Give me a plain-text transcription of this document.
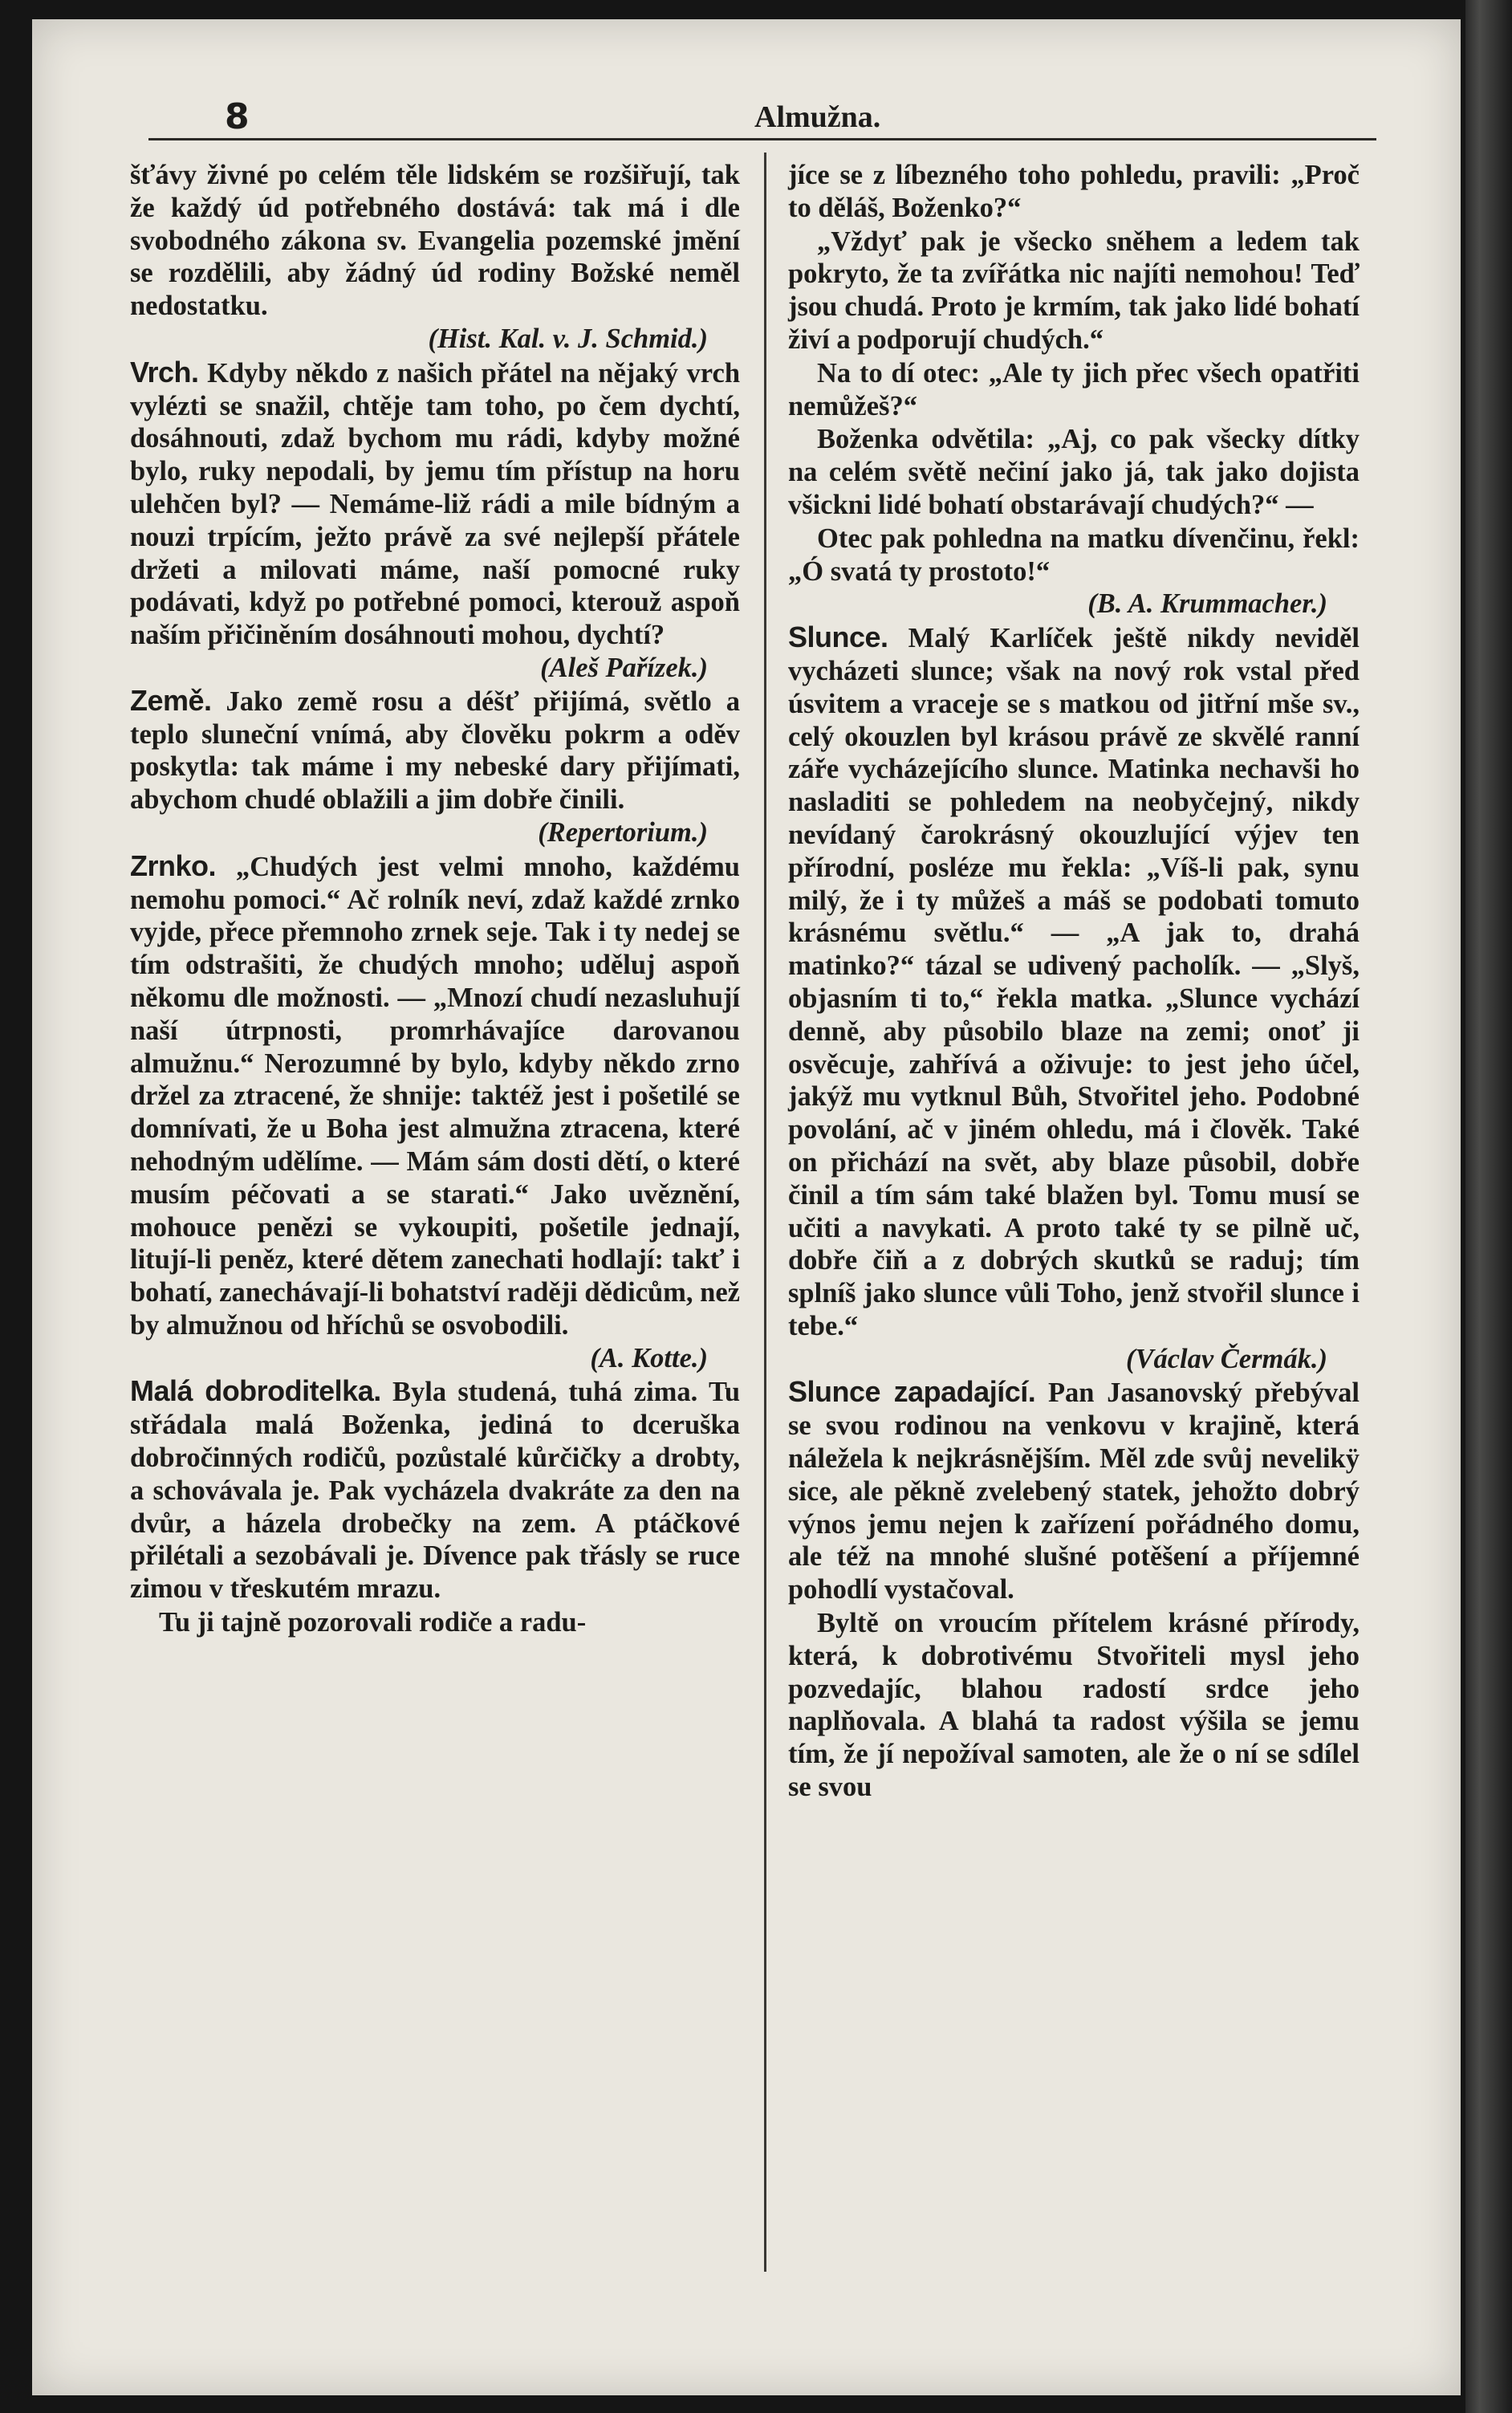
8	Almužna.

šťávy živné po celém těle lidském se rozšiřují, tak že každý úd potřebného dostává: tak má i dle svobodného zákona sv. Evangelia pozemské jmění se rozdělili, aby žádný úd rodiny Božské neměl nedostatku.
(Hist. Kal. v. J. Schmid.)

Vrch. Kdyby někdo z našich přátel na nějaký vrch vylézti se snažil, chtěje tam toho, po čem dychtí, dosáhnouti, zdaž bychom mu rádi, kdyby možné bylo, ruky nepodali, by jemu tím přístup na horu ulehčen byl? — Nemáme-liž rádi a mile bídným a nouzi trpícím, ježto právě za své nejlepší přátele držeti a milovati máme, naší pomocné ruky podávati, když po potřebné pomoci, kterouž aspoň naším přičiněním dosáhnouti mohou, dychtí?
(Aleš Pařízek.)

Země. Jako země rosu a déšť přijímá, světlo a teplo sluneční vnímá, aby člověku pokrm a oděv poskytla: tak máme i my nebeské dary přijímati, abychom chudé oblažili a jim dobře činili.
(Repertorium.)

Zrnko. „Chudých jest velmi mnoho, každému nemohu pomoci.“ Ač rolník neví, zdaž každé zrnko vyjde, přece přemnoho zrnek seje. Tak i ty nedej se tím odstrašiti, že chudých mnoho; uděluj aspoň někomu dle možnosti. — „Mnozí chudí nezasluhují naší útrpnosti, promrhávajíce darovanou almužnu.“ Nerozumné by bylo, kdyby někdo zrno držel za ztracené, že shnije: taktéž jest i pošetilé se domnívati, že u Boha jest almužna ztracena, které nehodným udělíme. — Mám sám dosti dětí, o které musím péčovati a se starati.“ Jako uvěznění, mohouce penězi se vykoupiti, pošetile jednají, litují-li peněz, které dětem zanechati hodlají: takť i bohatí, zanechávají-li bohatství raději dědicům, než by almužnou od hříchů se osvobodili.
(A. Kotte.)

Malá dobroditelka. Byla studená, tuhá zima. Tu střádala malá Boženka, jediná to dceruška dobročinných rodičů, pozůstalé kůrčičky a drobty, a schovávala je. Pak vycházela dvakráte za den na dvůr, a házela drobečky na zem. A ptáčkové přilétali a sezobávali je. Dívence pak třásly se ruce zimou v třeskutém mrazu.

Tu ji tajně pozorovali rodiče a radu-

jíce se z líbezného toho pohledu, pravili: „Proč to děláš, Boženko?“

„Vždyť pak je všecko sněhem a ledem tak pokryto, že ta zvířátka nic najíti nemohou! Teď jsou chudá. Proto je krmím, tak jako lidé bohatí živí a podporují chudých.“

Na to dí otec: „Ale ty jich přec všech opatřiti nemůžeš?“

Boženka odvětila: „Aj, co pak všecky dítky na celém světě nečiní jako já, tak jako dojista všickni lidé bohatí obstarávají chudých?“ —

Otec pak pohledna na matku dívenčinu, řekl: „Ó svatá ty prostoto!“
(B. A. Krummacher.)

Slunce. Malý Karlíček ještě nikdy neviděl vycházeti slunce; však na nový rok vstal před úsvitem a vraceje se s matkou od jitřní mše sv., celý okouzlen byl krásou právě ze skvělé ranní záře vycházejícího slunce. Matinka nechavši ho nasladiti se pohledem na neobyčejný, nikdy nevídaný čarokrásný okouzlující výjev ten přírodní, posléze mu řekla: „Víš-li pak, synu milý, že i ty můžeš a máš se podobati tomuto krásnému světlu.“ — „A jak to, drahá matinko?“ tázal se udivený pacholík. — „Slyš, objasním ti to,“ řekla matka. „Slunce vychází denně, aby působilo blaze na zemi; onoť ji osvěcuje, zahřívá a oživuje: to jest jeho účel, jakýž mu vytknul Bůh, Stvořitel jeho. Podobné povolání, ač v jiném ohledu, má i člověk. Také on přichází na svět, aby blaze působil, dobře činil a tím sám také blažen byl. Tomu musí se učiti a navykati. A proto také ty se pilně uč, dobře čiň a z dobrých skutků se raduj; tím splníš jako slunce vůli Toho, jenž stvořil slunce i tebe.“
(Václav Čermák.)

Slunce zapadající. Pan Jasanovský přebýval se svou rodinou na venkovu v krajině, která náležela k nejkrásnějším. Měl zde svůj nevelikÿ sice, ale pěkně zvelebený statek, jehožto dobrý výnos jemu nejen k zařízení pořádného domu, ale též na mnohé slušné potěšení a příjemné pohodlí vystačoval.

Byltě on vroucím přítelem krásné přírody, která, k dobrotivému Stvořiteli mysl jeho pozvedajíc, blahou radostí srdce jeho naplňovala. A blahá ta radost výšila se jemu tím, že jí nepožíval samoten, ale že o ní se sdílel se svou
